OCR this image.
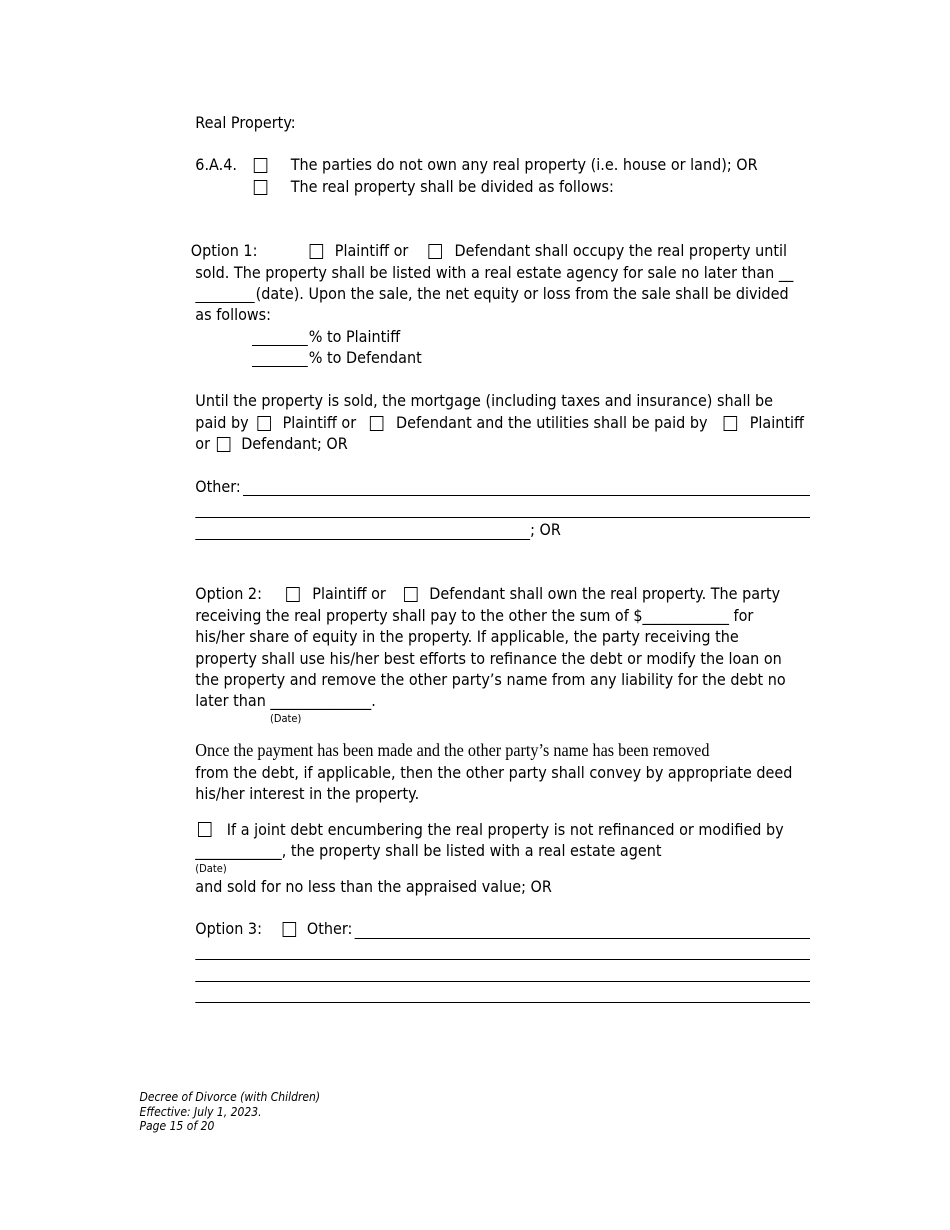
Real Property:
6.A.4.	The parties do not own any real property (i.e. house or land); OR
The real property shall be divided as follows:
Option 1:	Plaintiff or	Defendant shall occupy the real property until
sold. The property shall be listed with a real estate agency for sale no later than __
(date). Upon the sale, the net equity or loss from the sale shall be divided
as follows:
% to Plaintiff
% to Defendant
Until the property is sold, the mortgage (including taxes and insurance) shall be
paid by Plaintiff or Defendant and the utilities shall be paid by	Plaintiff
or Defendant; OR
Other:
; OR
Option 2:	Plaintiff or	Defendant shall own the real property. The party
receiving the real property shall pay to the other the sum of $____________ for
his/her share of equity in the property. If applicable, the party receiving the
property shall use his/her best efforts to refinance the debt or modify the loan on
the property and remove the other party’s name from any liability for the debt no
later than ______________.
(Date)
Once the payment has been made and the other party’s name has been removed
from the debt, if applicable, then the other party shall convey by appropriate deed
his/her interest in the property.
If a joint debt encumbering the real property is not refinanced or modified by
____________, the property shall be listed with a real estate agent
(Date)
and sold for no less than the appraised value; OR
Option 3:	Other:
Decree of Divorce (with Children)
Effective: July 1, 2023.
Page 15 of 20
